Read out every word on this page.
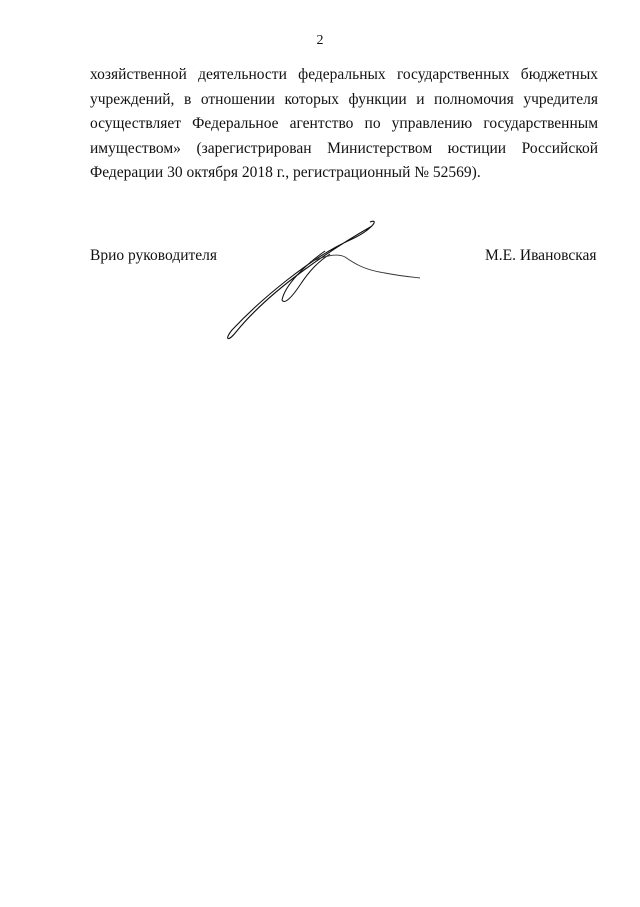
2
хозяйственной деятельности федеральных государственных бюджетных
учреждений, в отношении которых функции и полномочия учредителя
осуществляет Федеральное агентство по управлению государственным
имуществом» (зарегистрирован Министерством юстиции Российской
Федерации 30 октября 2018 г., регистрационный № 52569).
Врио руководителя	М.Е. Ивановская
